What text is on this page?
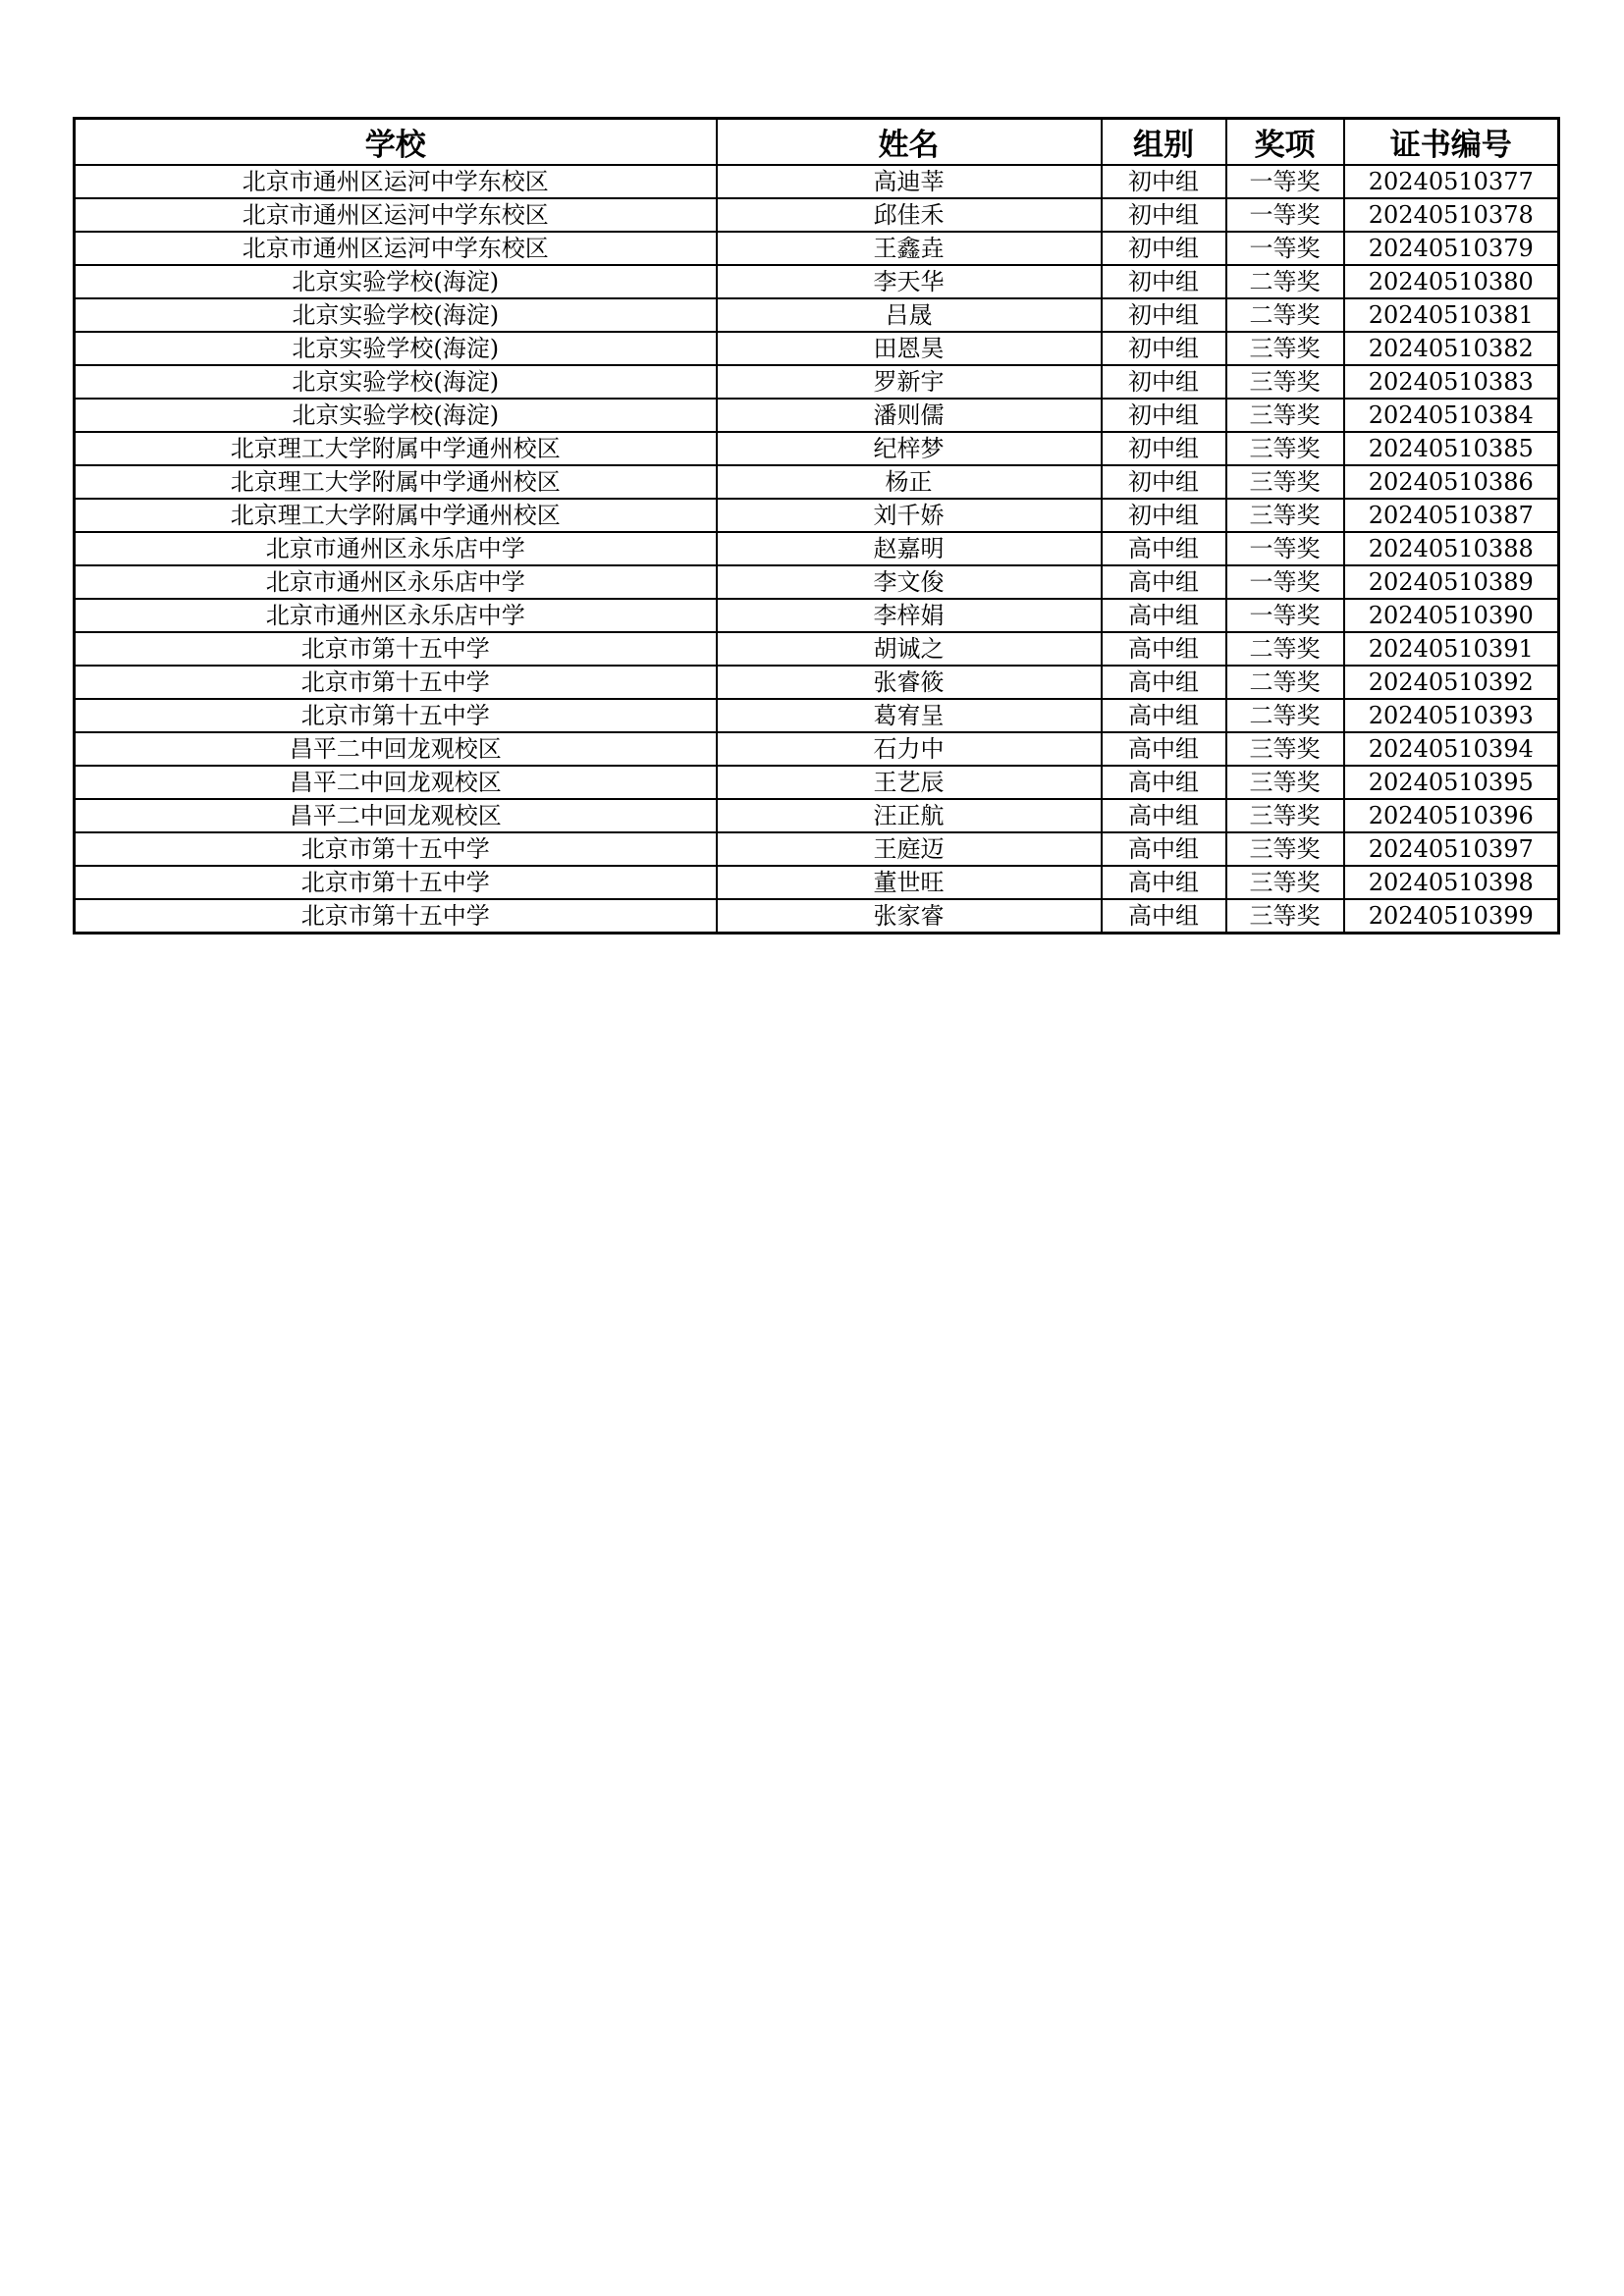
学校	姓名	组别	奖项	证书编号
北京市通州区运河中学东校区	高迪莘	初中组	一等奖	20240510377
北京市通州区运河中学东校区	邱佳禾	初中组	一等奖	20240510378
北京市通州区运河中学东校区	王鑫垚	初中组	一等奖	20240510379
北京实验学校(海淀)	李天华	初中组	二等奖	20240510380
北京实验学校(海淀)	吕晟	初中组	二等奖	20240510381
北京实验学校(海淀)	田恩昊	初中组	三等奖	20240510382
北京实验学校(海淀)	罗新宇	初中组	三等奖	20240510383
北京实验学校(海淀)	潘则儒	初中组	三等奖	20240510384
北京理工大学附属中学通州校区	纪梓梦	初中组	三等奖	20240510385
北京理工大学附属中学通州校区	杨正	初中组	三等奖	20240510386
北京理工大学附属中学通州校区	刘千娇	初中组	三等奖	20240510387
北京市通州区永乐店中学	赵嘉明	高中组	一等奖	20240510388
北京市通州区永乐店中学	李文俊	高中组	一等奖	20240510389
北京市通州区永乐店中学	李梓娟	高中组	一等奖	20240510390
北京市第十五中学	胡诚之	高中组	二等奖	20240510391
北京市第十五中学	张睿筱	高中组	二等奖	20240510392
北京市第十五中学	葛宥呈	高中组	二等奖	20240510393
昌平二中回龙观校区	石力中	高中组	三等奖	20240510394
昌平二中回龙观校区	王艺辰	高中组	三等奖	20240510395
昌平二中回龙观校区	汪正航	高中组	三等奖	20240510396
北京市第十五中学	王庭迈	高中组	三等奖	20240510397
北京市第十五中学	董世旺	高中组	三等奖	20240510398
北京市第十五中学	张家睿	高中组	三等奖	20240510399
